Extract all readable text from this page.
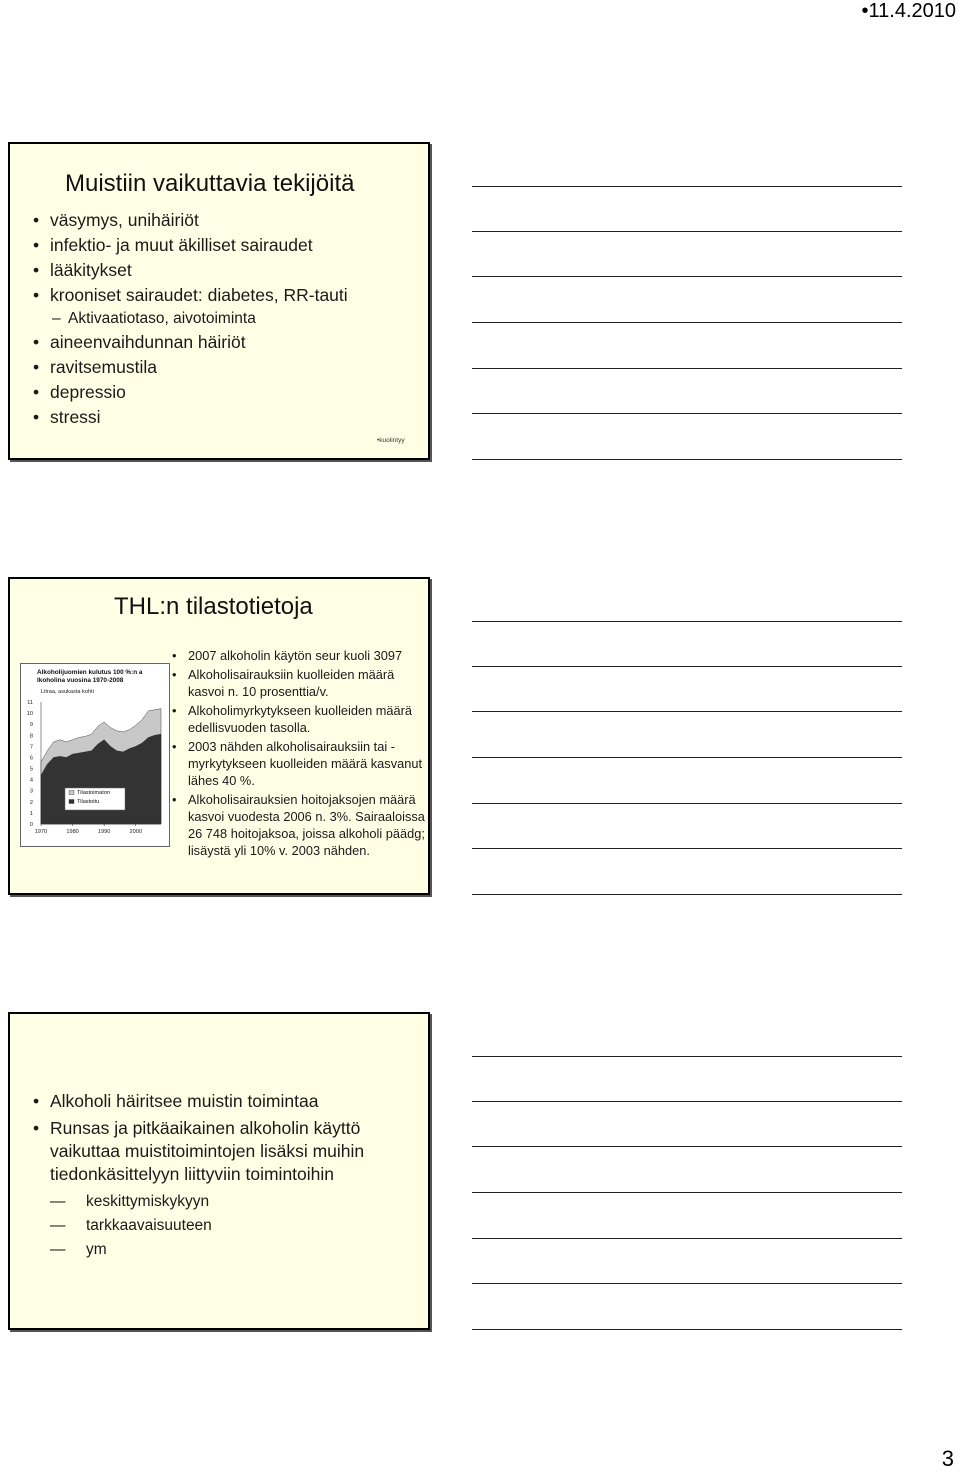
•11.4.2010
Muistiin vaikuttavia tekijöitä
• väsymys, unihäiriöt
• infektio- ja muut äkilliset sairaudet
• lääkitykset
• krooniset sairaudet: diabetes, RR-tauti
– Aktivaatiotaso, aivotoiminta
• aineenvaihdunnan häiriöt
• ravitsemustila
• depressio
• stressi
•kuolintyy
THL:n tilastotietoja
Alkoholijuomien kulutus 100 %:n a
lkoholina vuosina 1970-2008
Litraa, asukasta kohti
0
1
2
3
4
5
6
7
8
9
10
11
1970	1980	1990	2000
Tilastoimaton
Tilastoitu
• 2007 alkoholin käytön seur kuoli 3097
• Alkoholisairauksiin kuolleiden määrä kasvoi n. 10 prosenttia/v.
• Alkoholimyrkytykseen kuolleiden määrä edellisvuoden tasolla.
• 2003 nähden alkoholisairauksiin tai - myrkytykseen kuolleiden määrä kasvanut lähes 40 %.
• Alkoholisairauksien hoitojaksojen määrä kasvoi vuodesta 2006 n. 3%. Sairaaloissa 26 748 hoitojaksoa, joissa alkoholi päädg; lisäystä yli 10% v. 2003 nähden.
• Alkoholi häiritsee muistin toimintaa
• Runsas ja pitkäaikainen alkoholin käyttö vaikuttaa muistitoimintojen lisäksi muihin tiedonkäsittelyyn liittyviin toimintoihin
— keskittymiskykyyn
— tarkkaavaisuuteen
— ym
3
